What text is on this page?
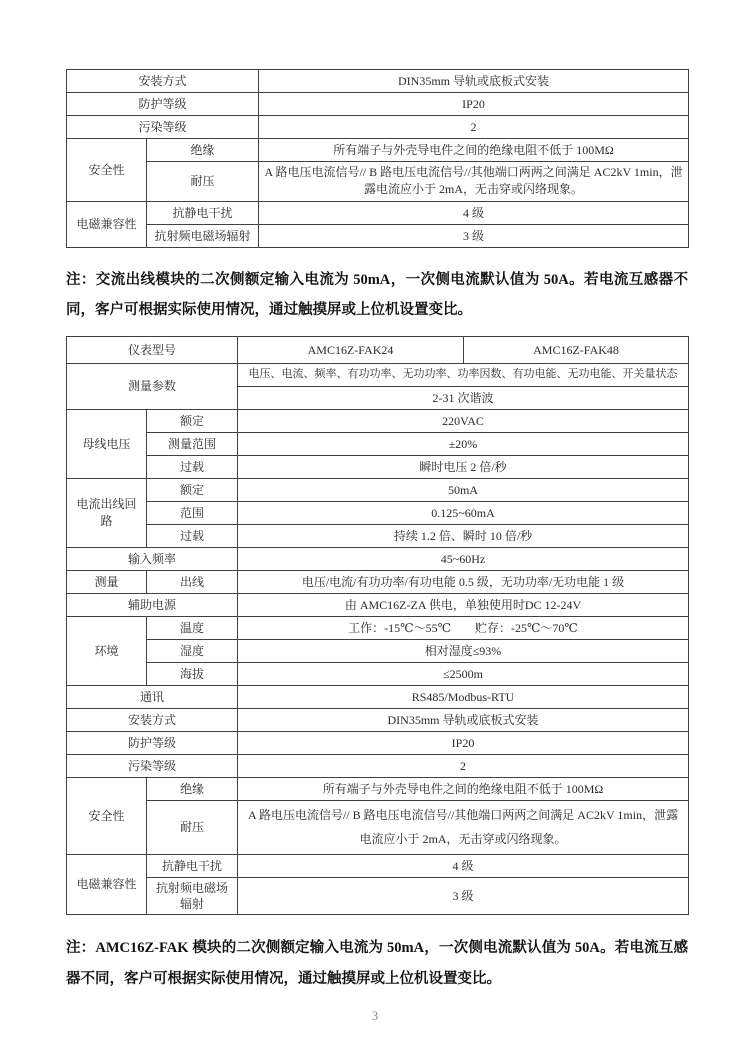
安装方式		DIN35mm 导轨或底板式安装
防护等级		IP20
污染等级		2
安全性	绝缘	所有端子与外壳导电件之间的绝缘电阻不低于 100MΩ
	耐压	A 路电压电流信号// B 路电压电流信号//其他端口两两之间满足 AC2kV 1min，泄露电流应小于 2mA，无击穿或闪络现象。
电磁兼容性	抗静电干扰	4 级
	抗射频电磁场辐射	3 级
注：交流出线模块的二次侧额定输入电流为 50mA，一次侧电流默认值为 50A。若电流互感器不同，客户可根据实际使用情况，通过触摸屏或上位机设置变比。
仪表型号		AMC16Z-FAK24	AMC16Z-FAK48
测量参数		电压、电流、频率、有功功率、无功功率、功率因数、有功电能、无功电能、开关量状态	
		2-31 次谐波	
母线电压	额定	220VAC	
	测量范围	±20%	
	过载	瞬时电压 2 倍/秒	
电流出线回路	额定	50mA	
	范围	0.125~60mA	
	过载	持续 1.2 倍、瞬时 10 倍/秒	
输入频率		45~60Hz	
测量	出线	电压/电流/有功功率/有功电能 0.5 级，无功功率/无功电能 1 级	
辅助电源		由 AMC16Z-ZA 供电，单独使用时DC 12-24V	
环境	温度	工作：-15℃～55℃　　贮存：-25℃～70℃	
	湿度	相对湿度≤93%	
	海拔	≤2500m	
通讯		RS485/Modbus-RTU	
安装方式		DIN35mm 导轨或底板式安装	
防护等级		IP20	
污染等级		2	
安全性	绝缘	所有端子与外壳导电件之间的绝缘电阻不低于 100MΩ	
	耐压	A 路电压电流信号// B 路电压电流信号//其他端口两两之间满足 AC2kV 1min，泄露电流应小于 2mA，无击穿或闪络现象。	
电磁兼容性	抗静电干扰	4 级	
	抗射频电磁场辐射	3 级	
注：AMC16Z-FAK 模块的二次侧额定输入电流为 50mA，一次侧电流默认值为 50A。若电流互感器不同，客户可根据实际使用情况，通过触摸屏或上位机设置变比。
3
